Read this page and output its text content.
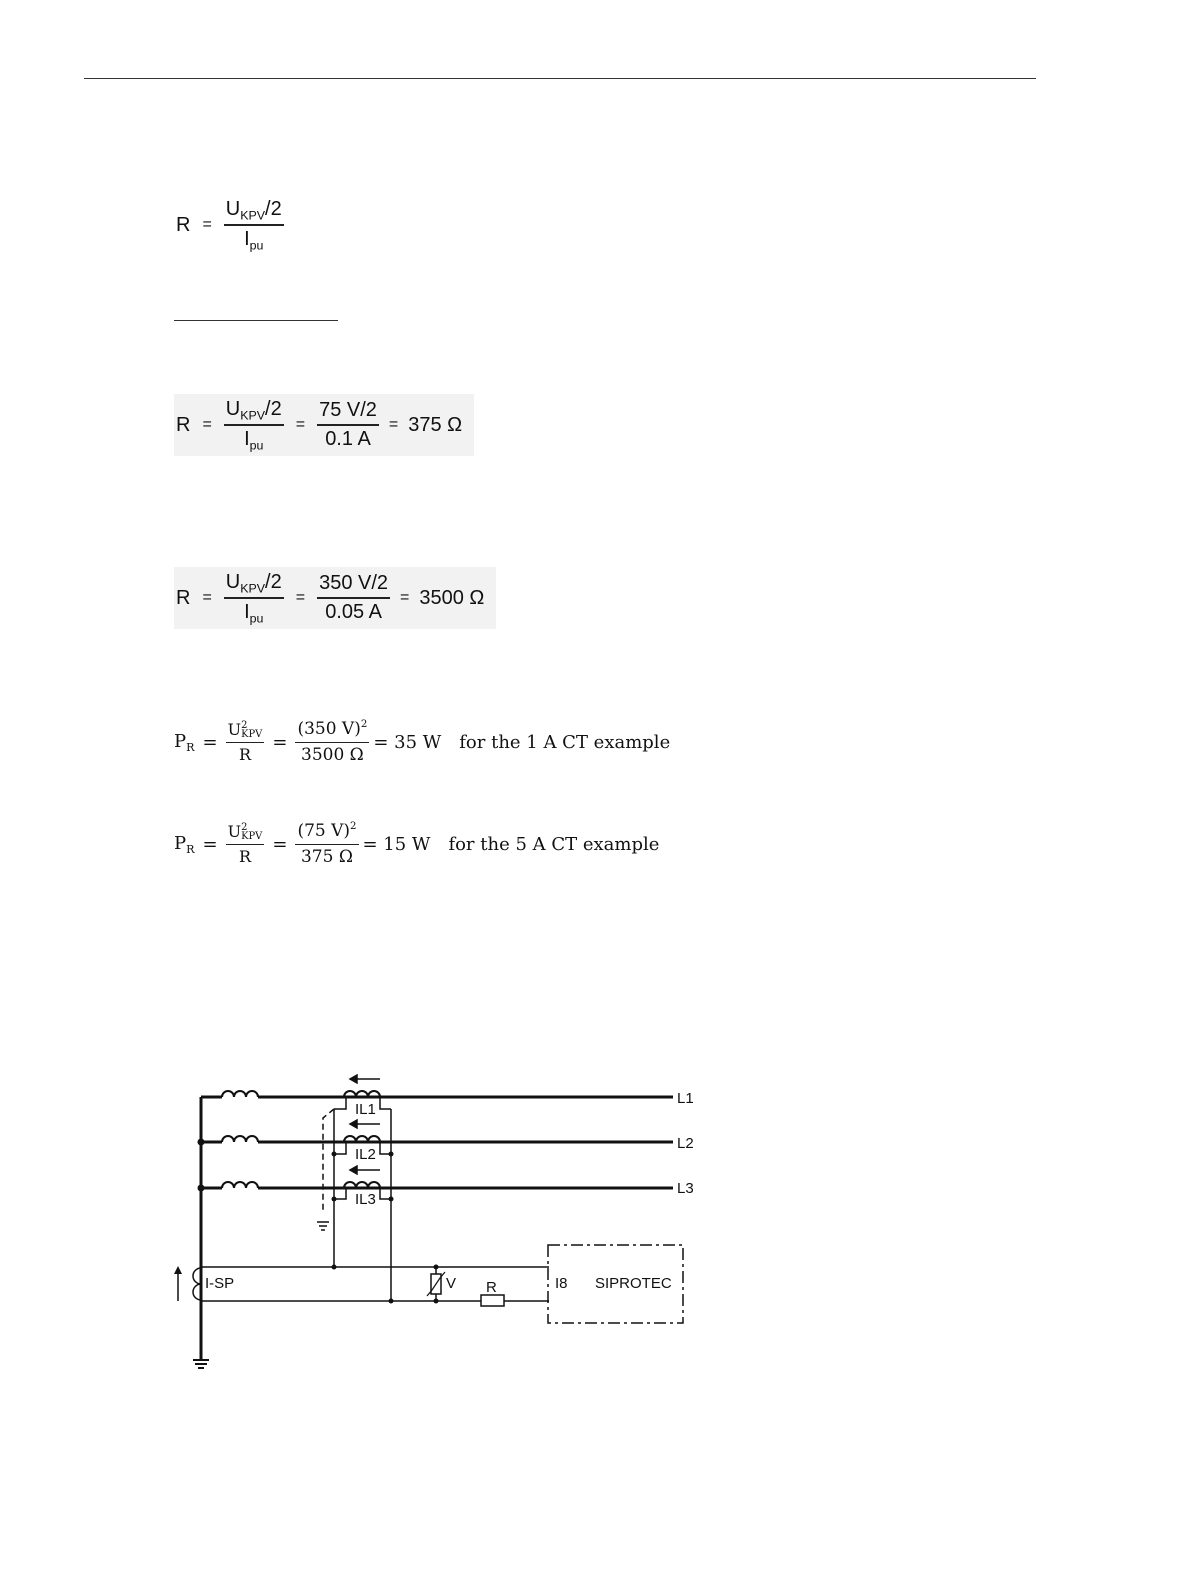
$R = \frac{U_{KPV}/2}{I_{pu}}$
$R = \frac{U_{KPV}/2}{I_{pu}} = \frac{75 V/2}{0.1 A} = 375$ Ω
$R = \frac{U_{KPV}/2}{I_{pu}} = \frac{350 V/2}{0.05 A} = 3500$ Ω
$P_R = U$ 2
KPV
$R = \frac{(350 V)^2}{3500 \Omega} = 35$ W for the 1 A CT example
$P_R = U$ 2
KPV
$R = \frac{(75 V)^2}{375 \Omega} = 15$ W for the 5 A CT example
L1
L2
L3
IL1
IL2
IL3
I-SP	V R	I8 SIPROTEC
